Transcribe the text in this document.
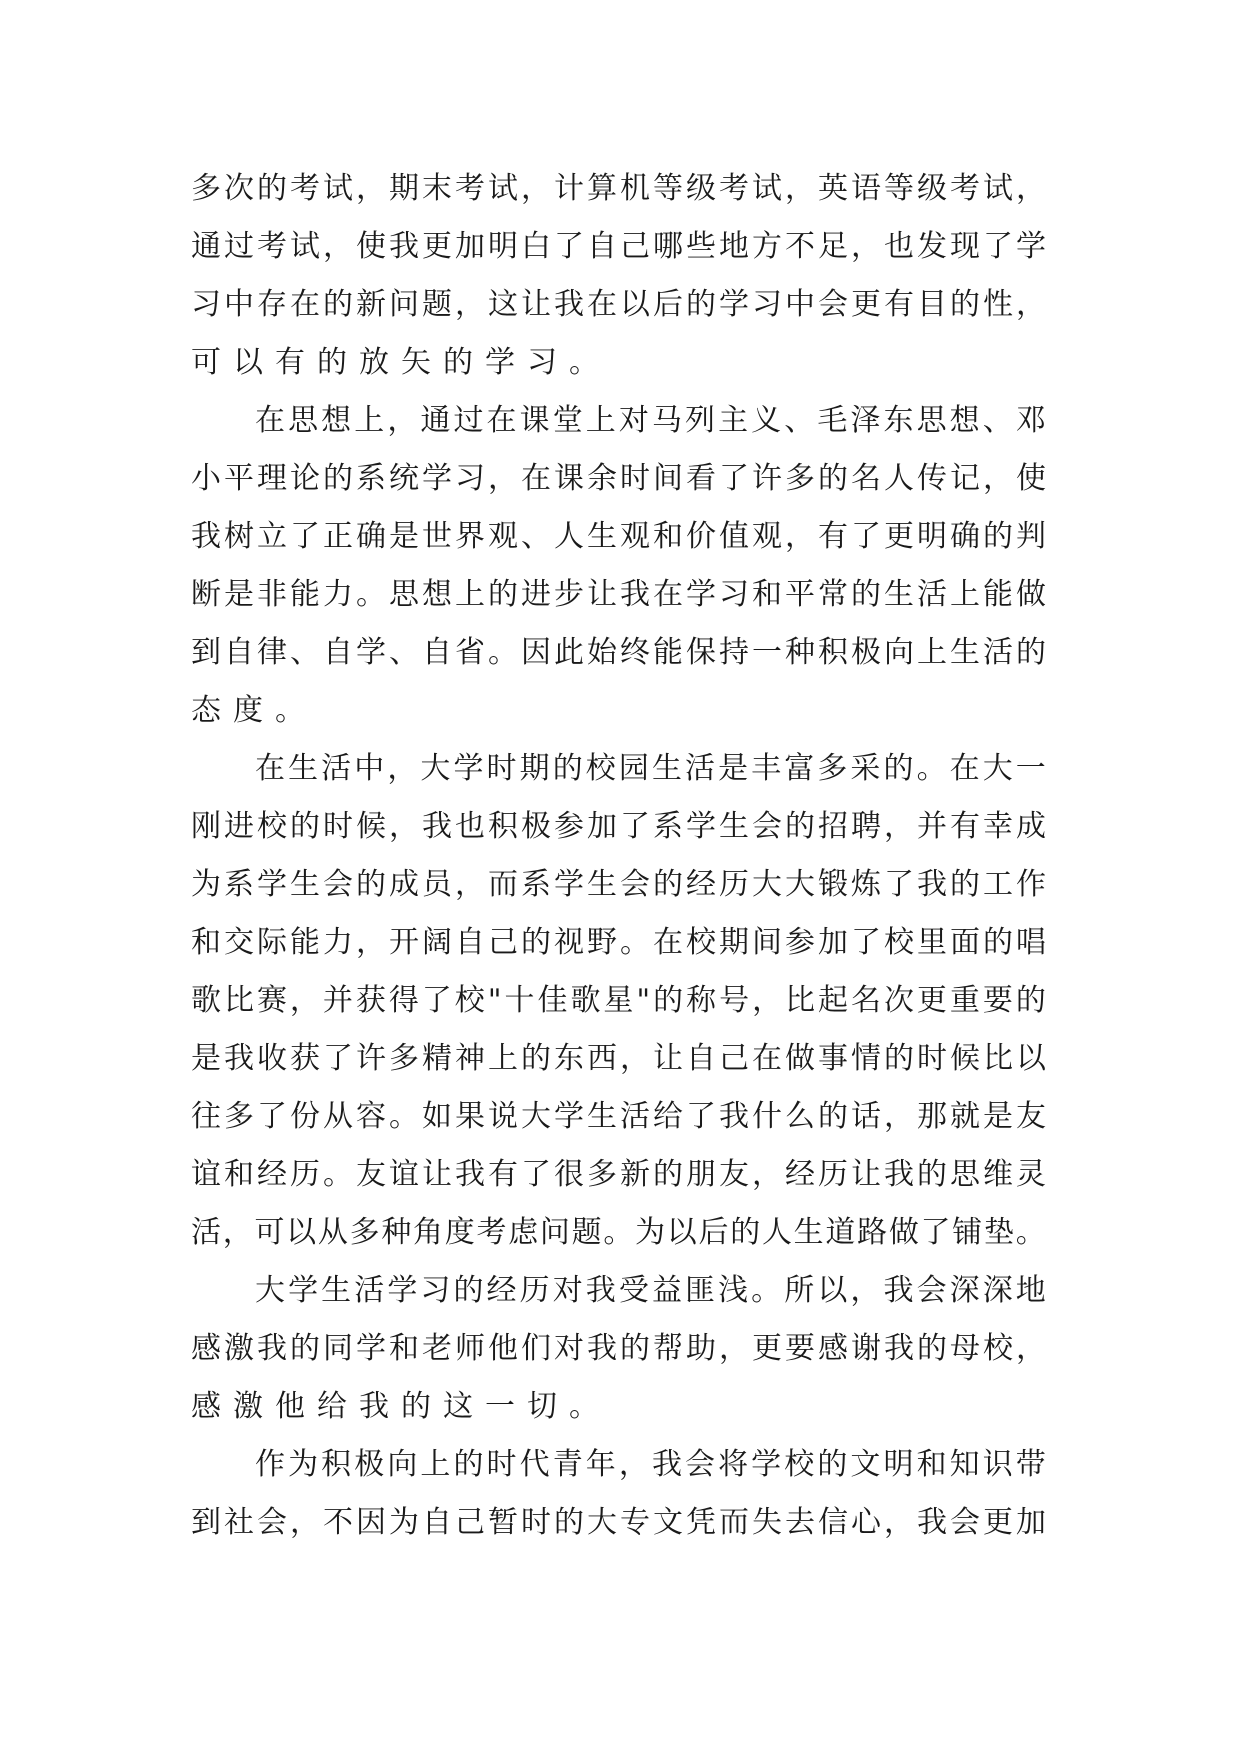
多 次 的 考 试 ， 期 末 考 试 ， 计 算 机 等 级 考 试 ， 英 语 等 级 考 试 ，
通 过 考 试 ， 使 我 更 加 明 白 了 自 己 哪 些 地 方 不 足 ， 也 发 现 了 学
习 中 存 在 的 新 问 题 ， 这 让 我 在 以 后 的 学 习 中 会 更 有 目 的 性 ，
可以有的放矢的学习。
在 思 想 上 ， 通 过 在 课 堂 上 对 马 列 主 义 、 毛 泽 东 思 想 、 邓
小 平 理 论 的 系 统 学 习 ， 在 课 余 时 间 看 了 许 多 的 名 人 传 记 ， 使
我 树 立 了 正 确 是 世 界 观 、 人 生 观 和 价 值 观 ， 有 了 更 明 确 的 判
断 是 非 能 力 。 思 想 上 的 进 步 让 我 在 学 习 和 平 常 的 生 活 上 能 做
到 自 律 、 自 学 、 自 省 。 因 此 始 终 能 保 持 一 种 积 极 向 上 生 活 的
态度。
在 生 活 中 ， 大 学 时 期 的 校 园 生 活 是 丰 富 多 采 的 。 在 大 一
刚 进 校 的 时 候 ， 我 也 积 极 参 加 了 系 学 生 会 的 招 聘 ， 并 有 幸 成
为 系 学 生 会 的 成 员 ， 而 系 学 生 会 的 经 历 大 大 锻 炼 了 我 的 工 作
和 交 际 能 力 ， 开 阔 自 己 的 视 野 。 在 校 期 间 参 加 了 校 里 面 的 唱
歌 比 赛 ， 并 获 得 了 校 " 十 佳 歌 星 " 的 称 号 ， 比 起 名 次 更 重 要 的
是 我 收 获 了 许 多 精 神 上 的 东 西 ， 让 自 己 在 做 事 情 的 时 候 比 以
往 多 了 份 从 容 。 如 果 说 大 学 生 活 给 了 我 什 么 的 话 ， 那 就 是 友
谊 和 经 历 。 友 谊 让 我 有 了 很 多 新 的 朋 友 ， 经 历 让 我 的 思 维 灵
活 ， 可 以 从 多 种 角 度 考 虑 问 题 。 为 以 后 的 人 生 道 路 做 了 铺 垫 。
大 学 生 活 学 习 的 经 历 对 我 受 益 匪 浅 。 所 以 ， 我 会 深 深 地
感 激 我 的 同 学 和 老 师 他 们 对 我 的 帮 助 ， 更 要 感 谢 我 的 母 校 ，
感激他给我的这一切。
作 为 积 极 向 上 的 时 代 青 年 ， 我 会 将 学 校 的 文 明 和 知 识 带
到 社 会 ， 不 因 为 自 己 暂 时 的 大 专 文 凭 而 失 去 信 心 ， 我 会 更 加
